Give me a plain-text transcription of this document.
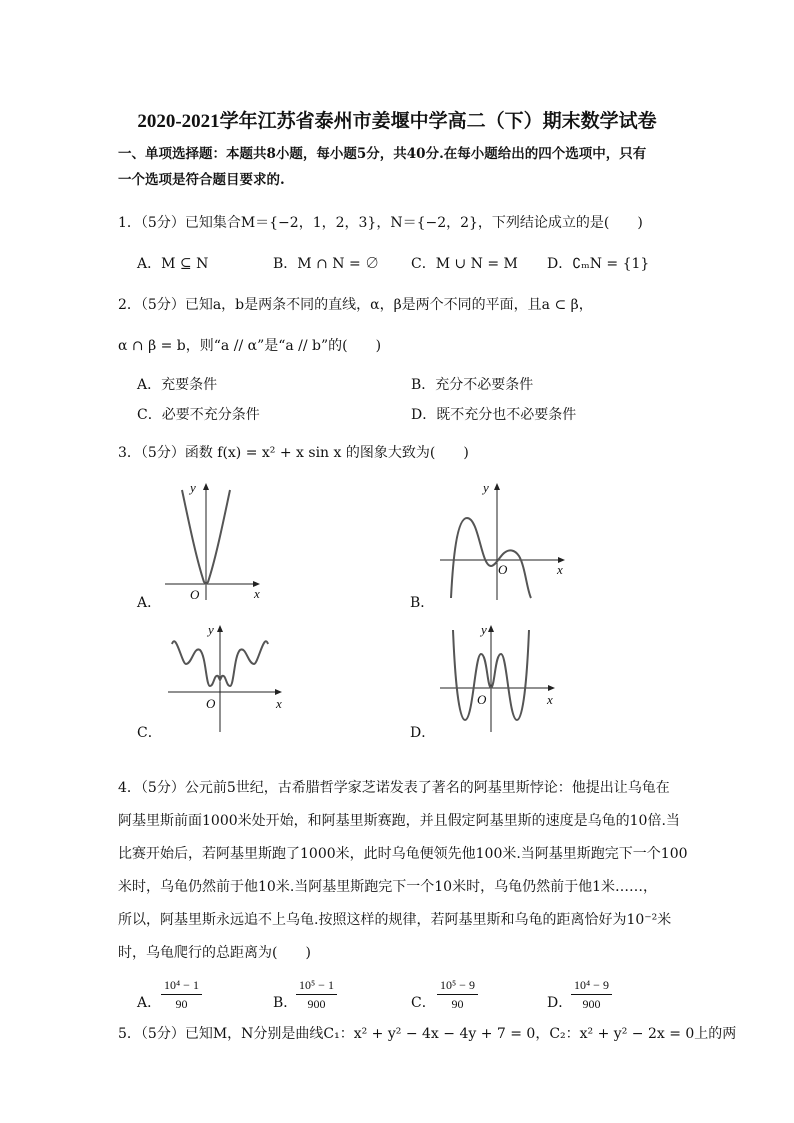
2020-2021学年江苏省泰州市姜堰中学高二（下）期末数学试卷
一、单项选择题：本题共8小题，每小题5分，共40分.在每小题给出的四个选项中，只有
一个选项是符合题目要求的.
1．（5分）已知集合M＝{−2，1，2，3}，N＝{−2，2}，下列结论成立的是(　　)
A．M ⊆ N	B．M ∩ N = ∅ C．M ∪ N = M D．∁ₘN = {1}
2．（5分）已知a，b是两条不同的直线，α，β是两个不同的平面，且a ⊂ β，
α ∩ β = b，则“a // α”是“a // b”的(　　)
A．充要条件	B．充分不必要条件
C．必要不充分条件	D．既不充分也不必要条件
3．（5分）函数 f(x) = x² + x sin x 的图象大致为(　　)
A．
y
x
O
B．
y
x
O
C．
y
x
O
D．
y
x
O
4．（5分）公元前5世纪，古希腊哲学家芝诺发表了著名的阿基里斯悖论：他提出让乌龟在
阿基里斯前面1000米处开始，和阿基里斯赛跑，并且假定阿基里斯的速度是乌龟的10倍.当
比赛开始后，若阿基里斯跑了1000米，此时乌龟便领先他100米.当阿基里斯跑完下一个100
米时，乌龟仍然前于他10米.当阿基里斯跑完下一个10米时，乌龟仍然前于他1米……，
所以，阿基里斯永远追不上乌龟.按照这样的规律，若阿基里斯和乌龟的距离恰好为10⁻²米
时，乌龟爬行的总距离为(　　)
A． $\frac{\text{10⁴ − 1}}{90}$	B．
$\frac{\text{10⁵ − 1}}{900}$	C． $\frac{\text{10⁵ − 9}}{90}$	D．
$\frac{\text{10⁴ − 9}}{900}$
5．（5分）已知M，N分别是曲线C₁：x² + y² − 4x − 4y + 7 = 0，C₂：x² + y² − 2x = 0上的两
